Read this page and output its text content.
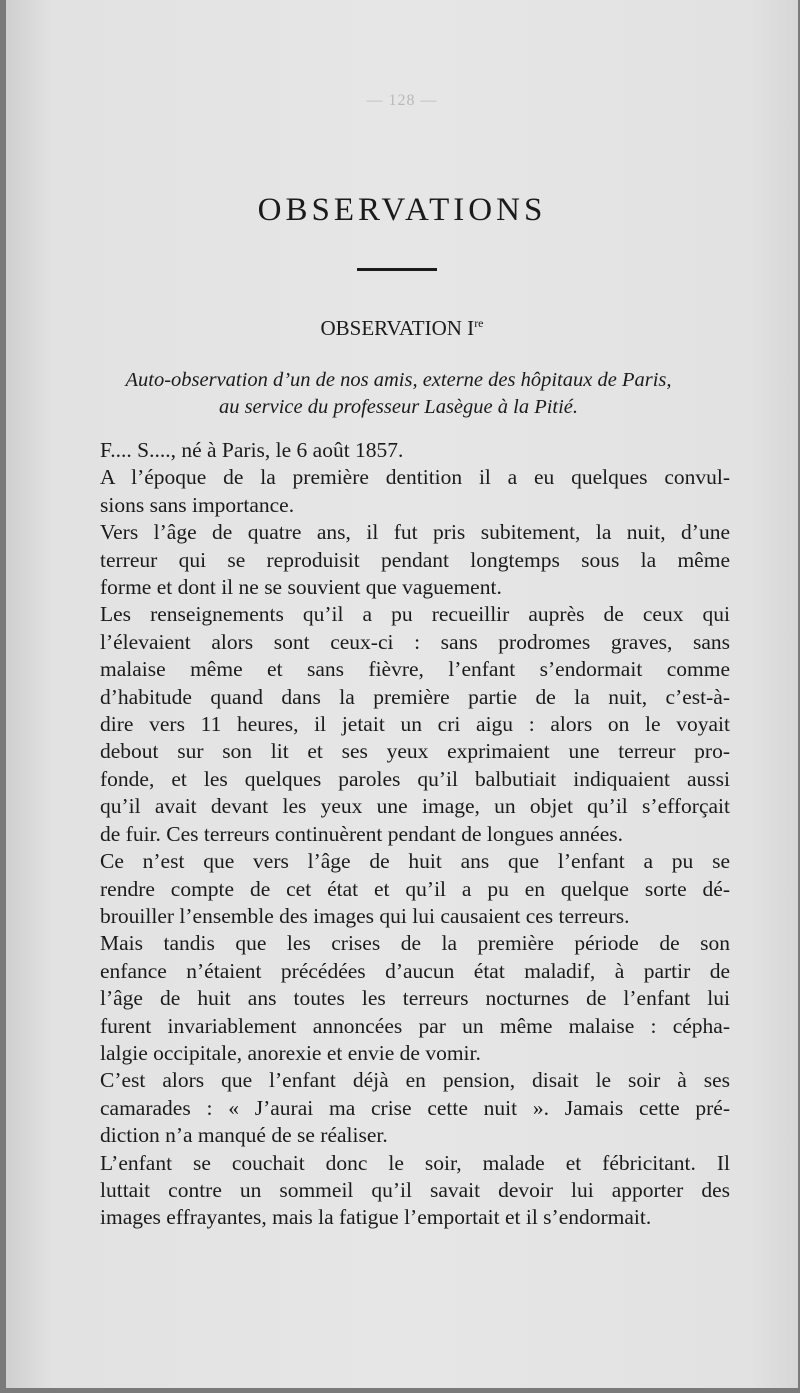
— 128 —
OBSERVATIONS
OBSERVATION Ire
Auto-observation d’un de nos amis, externe des hôpitaux de Paris,
au service du professeur Lasègue à la Pitié.

F.... S...., né à Paris, le 6 août 1857.

A l’époque de la première dentition il a eu quelques convul-
sions sans importance.

Vers l’âge de quatre ans, il fut pris subitement, la nuit, d’une
terreur qui se reproduisit pendant longtemps sous la même
forme et dont il ne se souvient que vaguement.

Les renseignements qu’il a pu recueillir auprès de ceux qui
l’élevaient alors sont ceux-ci : sans prodromes graves, sans
malaise même et sans fièvre, l’enfant s’endormait comme
d’habitude quand dans la première partie de la nuit, c’est-à-
dire vers 11 heures, il jetait un cri aigu : alors on le voyait
debout sur son lit et ses yeux exprimaient une terreur pro-
fonde, et les quelques paroles qu’il balbutiait indiquaient aussi
qu’il avait devant les yeux une image, un objet qu’il s’efforçait
de fuir. Ces terreurs continuèrent pendant de longues années.

Ce n’est que vers l’âge de huit ans que l’enfant a pu se
rendre compte de cet état et qu’il a pu en quelque sorte dé-
brouiller l’ensemble des images qui lui causaient ces terreurs.

Mais tandis que les crises de la première période de son
enfance n’étaient précédées d’aucun état maladif, à partir de
l’âge de huit ans toutes les terreurs nocturnes de l’enfant lui
furent invariablement annoncées par un même malaise : cépha-
lalgie occipitale, anorexie et envie de vomir.

C’est alors que l’enfant déjà en pension, disait le soir à ses
camarades : « J’aurai ma crise cette nuit ». Jamais cette pré-
diction n’a manqué de se réaliser.

L’enfant se couchait donc le soir, malade et fébricitant. Il
luttait contre un sommeil qu’il savait devoir lui apporter des
images effrayantes, mais la fatigue l’emportait et il s’endormait.
